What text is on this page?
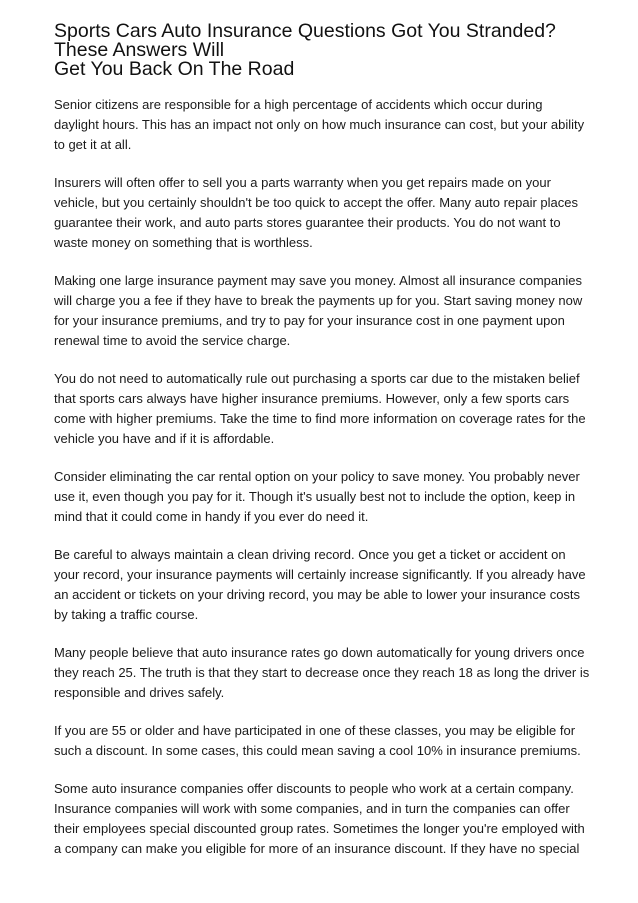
Sports Cars Auto Insurance Questions Got You Stranded?
These Answers Will
Get You Back On The Road

Senior citizens are responsible for a high percentage of accidents which occur during daylight hours. This has an impact not only on how much insurance can cost, but your ability to get it at all.

Insurers will often offer to sell you a parts warranty when you get repairs made on your vehicle, but you certainly shouldn't be too quick to accept the offer. Many auto repair places guarantee their work, and auto parts stores guarantee their products. You do not want to waste money on something that is worthless.

Making one large insurance payment may save you money. Almost all insurance companies will charge you a fee if they have to break the payments up for you. Start saving money now for your insurance premiums, and try to pay for your insurance cost in one payment upon renewal time to avoid the service charge.

You do not need to automatically rule out purchasing a sports car due to the mistaken belief that sports cars always have higher insurance premiums. However, only a few sports cars come with higher premiums. Take the time to find more information on coverage rates for the vehicle you have and if it is affordable.

Consider eliminating the car rental option on your policy to save money. You probably never use it, even though you pay for it. Though it's usually best not to include the option, keep in mind that it could come in handy if you ever do need it.

Be careful to always maintain a clean driving record. Once you get a ticket or accident on your record, your insurance payments will certainly increase significantly. If you already have an accident or tickets on your driving record, you may be able to lower your insurance costs by taking a traffic course.

Many people believe that auto insurance rates go down automatically for young drivers once they reach 25. The truth is that they start to decrease once they reach 18 as long the driver is responsible and drives safely.

If you are 55 or older and have participated in one of these classes, you may be eligible for such a discount. In some cases, this could mean saving a cool 10% in insurance premiums.

Some auto insurance companies offer discounts to people who work at a certain company. Insurance companies will work with some companies, and in turn the companies can offer their employees special discounted group rates. Sometimes the longer you're employed with a company can make you eligible for more of an insurance discount. If they have no special
